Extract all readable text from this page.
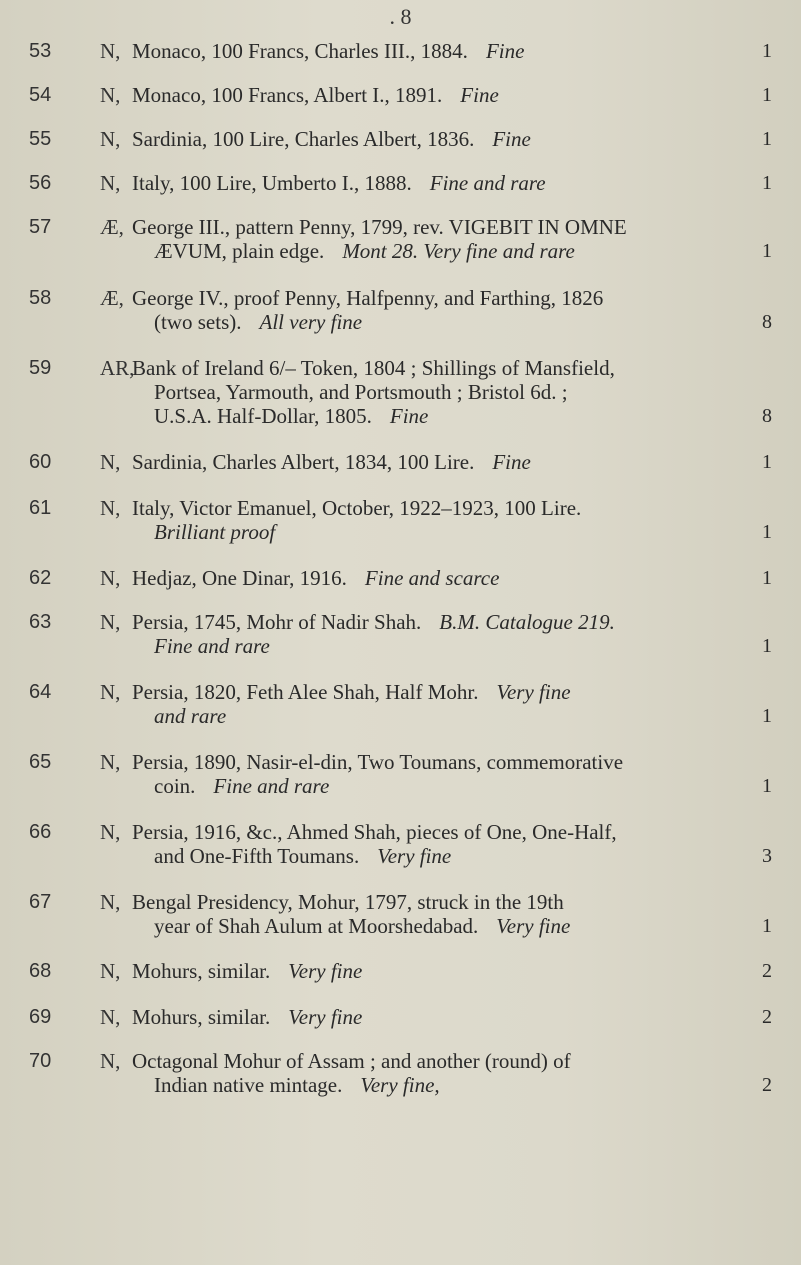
. 8
53 N, Monaco, 100 Francs, Charles III., 1884. Fine	1
54 N, Monaco, 100 Francs, Albert I., 1891. Fine	1
55 N, Sardinia, 100 Lire, Charles Albert, 1836. Fine	1
56 N, Italy, 100 Lire, Umberto I., 1888. Fine and rare	1
57 Æ, George III., pattern Penny, 1799, rev. VIGEBIT IN OMNE
ÆVUM, plain edge. Mont 28. Very fine and rare	1
58 Æ, George IV., proof Penny, Halfpenny, and Farthing, 1826
(two sets). All very fine	8
59 AR,
Bank of Ireland 6/– Token, 1804 ; Shillings of Mansfield,
Portsea, Yarmouth, and Portsmouth ; Bristol 6d. ;
U.S.A. Half-Dollar, 1805. Fine	8
60 N, Sardinia, Charles Albert, 1834, 100 Lire. Fine	1
61 N, Italy, Victor Emanuel, October, 1922–1923, 100 Lire.
Brilliant proof	1
62 N, Hedjaz, One Dinar, 1916. Fine and scarce	1
63 N, Persia, 1745, Mohr of Nadir Shah. B.M. Catalogue 219.
Fine and rare	1
64 N, Persia, 1820, Feth Alee Shah, Half Mohr. Very fine
and rare	1
65 N, Persia, 1890, Nasir-el-din, Two Toumans, commemorative
coin. Fine and rare	1
66 N, Persia, 1916, &c., Ahmed Shah, pieces of One, One-Half,
and One-Fifth Toumans. Very fine	3
67 N, Bengal Presidency, Mohur, 1797, struck in the 19th
year of Shah Aulum at Moorshedabad. Very fine	1
68 N, Mohurs, similar. Very fine	2
69 N, Mohurs, similar. Very fine	2
70 N, Octagonal Mohur of Assam ; and another (round) of
Indian native mintage. Very fine,	2
